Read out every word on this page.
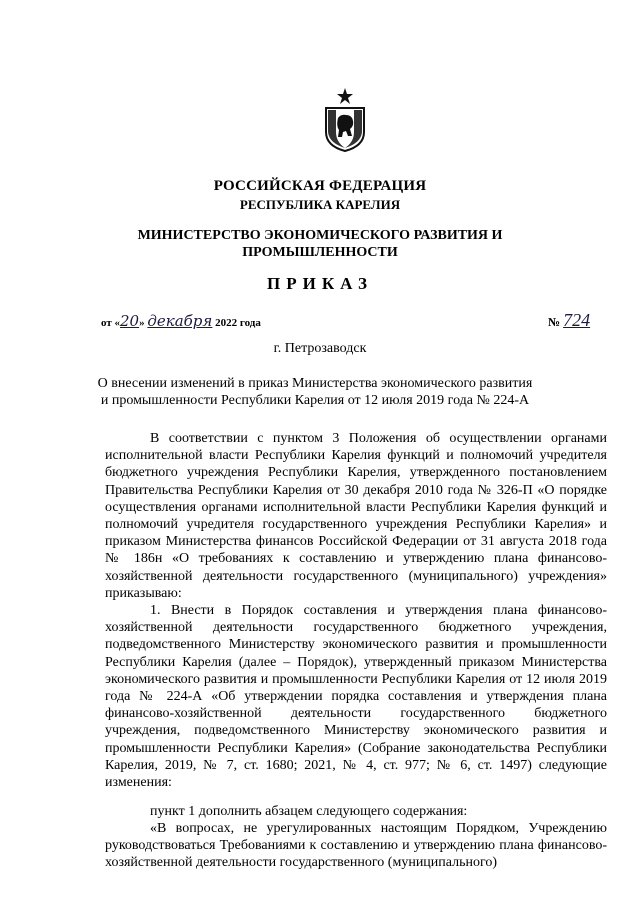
РОССИЙСКАЯ ФЕДЕРАЦИЯ
РЕСПУБЛИКА КАРЕЛИЯ
МИНИСТЕРСТВО ЭКОНОМИЧЕСКОГО РАЗВИТИЯ И ПРОМЫШЛЕННОСТИ
ПРИКАЗ
от «20» декабря 2022 года	№ 724
г. Петрозаводск
О внесении изменений в приказ Министерства экономического развития и промышленности Республики Карелия от 12 июля 2019 года № 224-А

В соответствии с пунктом 3 Положения об осуществлении органами исполнительной власти Республики Карелия функций и полномочий учредителя бюджетного учреждения Республики Карелия, утвержденного постановлением Правительства Республики Карелия от 30 декабря 2010 года № 326-П «О порядке осуществления органами исполнительной власти Республики Карелия функций и полномочий учредителя государственного учреждения Республики Карелия» и приказом Министерства финансов Российской Федерации от 31 августа 2018 года № 186н «О требованиях к составлению и утверждению плана финансово-хозяйственной деятельности государственного (муниципального) учреждения» приказываю:

1. Внести в Порядок составления и утверждения плана финансово-хозяйственной деятельности государственного бюджетного учреждения, подведомственного Министерству экономического развития и промышленности Республики Карелия (далее – Порядок), утвержденный приказом Министерства экономического развития и промышленности Республики Карелия от 12 июля 2019 года № 224-А «Об утверждении порядка составления и утверждения плана финансово-хозяйственной деятельности государственного бюджетного учреждения, подведомственного Министерству экономического развития и промышленности Республики Карелия» (Собрание законодательства Республики Карелия, 2019, № 7, ст. 1680; 2021, № 4, ст. 977; № 6, ст. 1497) следующие изменения:

пункт 1 дополнить абзацем следующего содержания:

«В вопросах, не урегулированных настоящим Порядком, Учреждению руководствоваться Требованиями к составлению и утверждению плана финансово-хозяйственной деятельности государственного (муниципального)
